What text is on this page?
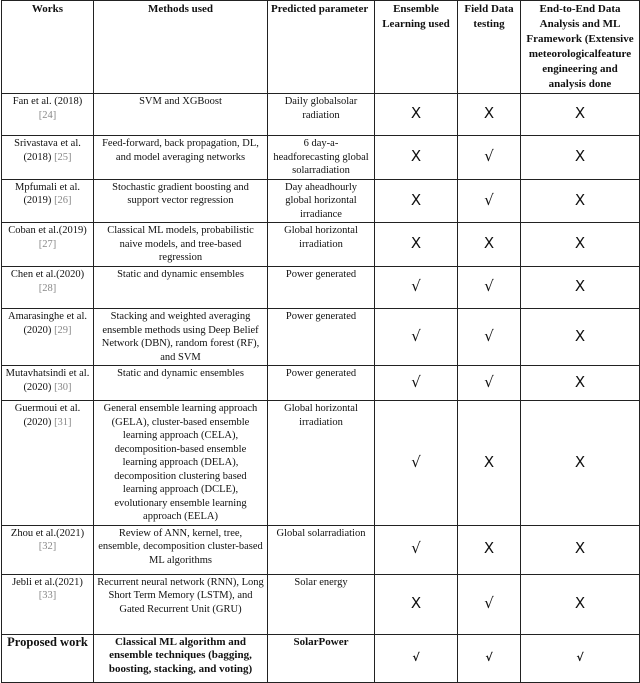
Works	Methods used	Predicted parameter	Ensemble Learning used	Field Data testing	End-to-End Data Analysis and ML Framework (Extensive meteorologicalfeature engineering and analysis done
Fan et al. (2018) [24]	SVM and XGBoost	Daily globalsolar radiation	Χ	Χ	Χ
Srivastava et al. (2018) [25]	Feed-forward, back propagation, DL, and model averaging networks	6 day-a-headforecasting global solarradiation	Χ	√	Χ
Mpfumali et al. (2019) [26]	Stochastic gradient boosting and support vector regression	Day aheadhourly global horizontal irradiance	Χ	√	Χ
Coban et al.(2019) [27]	Classical ML models, probabilistic naive models, and tree-based regression	Global horizontal irradiation	Χ	Χ	Χ
Chen et al.(2020) [28]	Static and dynamic ensembles	Power generated	√	√	Χ
Amarasinghe et al.(2020) [29]	Stacking and weighted averaging ensemble methods using Deep Belief Network (DBN), random forest (RF), and SVM	Power generated	√	√	Χ
Mutavhatsindi et al. (2020) [30]	Static and dynamic ensembles	Power generated	√	√	Χ
Guermoui et al. (2020) [31]	General ensemble learning approach (GELA), cluster-based ensemble learning approach (CELA), decomposition-based ensemble learning approach (DELA), decomposition clustering based learning approach (DCLE), evolutionary ensemble learning approach (EELA)	Global horizontal irradiation	√	Χ	Χ
Zhou et al.(2021) [32]	Review of ANN, kernel, tree, ensemble, decomposition cluster-based ML algorithms	Global solarradiation	√	Χ	Χ
Jebli et al.(2021) [33]	Recurrent neural network (RNN), Long Short Term Memory (LSTM), and Gated Recurrent Unit (GRU)	Solar energy	Χ	√	Χ
Proposed work	Classical ML algorithm and ensemble techniques (bagging, boosting, stacking, and voting)	SolarPower	√	√	√
